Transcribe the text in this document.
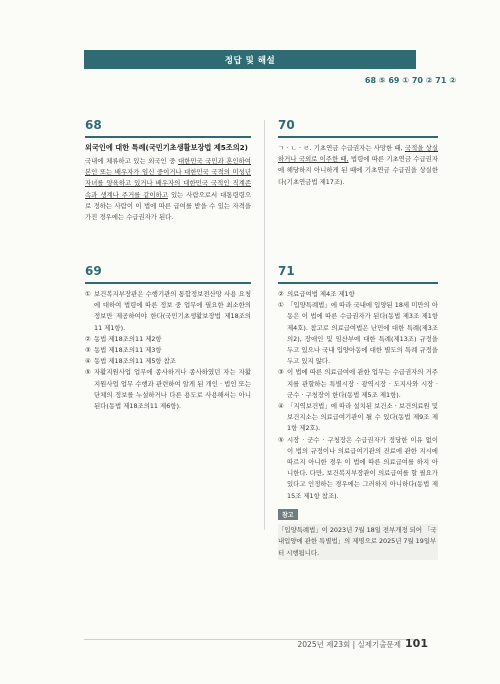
정답 및 해설
68 ⑤ 69 ① 70 ② 71 ②
68
외국인에 대한 특례(국민기초생활보장법 제5조의2)
국내에 체류하고 있는 외국인 중 대한민국 국민과 혼인하여 본인 또는 배우자가 임신 중이거나 대한민국 국적의 미성년 자녀를 양육하고 있거나 배우자의 대한민국 국적인 직계존속과 생계나 주거를 같이하고 있는 사람으로서 대통령령으로 정하는 사람이 이 법에 따른 급여를 받을 수 있는 자격을 가진 경우에는 수급권자가 된다.
70
ㄱ · ㄴ · ㄹ. 기초연금 수급권자는 사망한 때, 국적을 상실하거나 국외로 이주한 때, 법령에 따른 기초연금 수급권자에 해당하지 아니하게 된 때에 기초연금 수급권을 상실한다(기초연금법 제17조).
69
① 보건복지부장관은 수행기관의 통합정보전산망 사용 요청에 대하여 법령에 따른 정보 중 업무에 필요한 최소한의 정보만 제공하여야 한다(국민기초생활보장법 제18조의11 제1항).
② 동법 제18조의11 제2항
③ 동법 제18조의11 제3항
④ 동법 제18조의11 제5항 참조
⑤ 자활지원사업 업무에 종사하거나 종사하였던 자는 자활지원사업 업무 수행과 관련하여 알게 된 개인 · 법인 또는 단체의 정보를 누설하거나 다른 용도로 사용해서는 아니 된다(동법 제18조의11 제6항).
71
② 의료급여법 제4조 제1항
① 「입양특례법」에 따라 국내에 입양된 18세 미만의 아동은 이 법에 따른 수급권자가 된다(동법 제3조 제1항 제4호). 참고로 의료급여법은 난민에 대한 특례(제3조의2), 장애인 및 임산부에 대한 특례(제13조) 규정을 두고 있으나 국내 입양아동에 대한 별도의 특례 규정을 두고 있지 않다.
③ 이 법에 따른 의료급여에 관한 업무는 수급권자의 거주지를 관할하는 특별시장 · 광역시장 · 도지사와 시장 · 군수 · 구청장이 한다(동법 제5조 제1항).
④ 「지역보건법」에 따라 설치된 보건소 · 보건의료원 및 보건지소는 의료급여기관이 될 수 있다(동법 제9조 제1항 제2호).
⑤ 시장 · 군수 · 구청장은 수급권자가 정당한 이유 없이 이 법의 규정이나 의료급여기관의 진료에 관한 지시에 따르지 아니한 경우 이 법에 따른 의료급여를 하지 아니한다. 다만, 보건복지부장관이 의료급여를 할 필요가 있다고 인정하는 경우에는 그러하지 아니하다(동법 제15조 제1항 참조).
참고
「입양특례법」이 2023년 7월 18일 전부개정 되어 「국내입양에 관한 특별법」의 제명으로 2025년 7월 19일부터 시행됩니다.
2025년 제23회 | 실제기출문제 101
